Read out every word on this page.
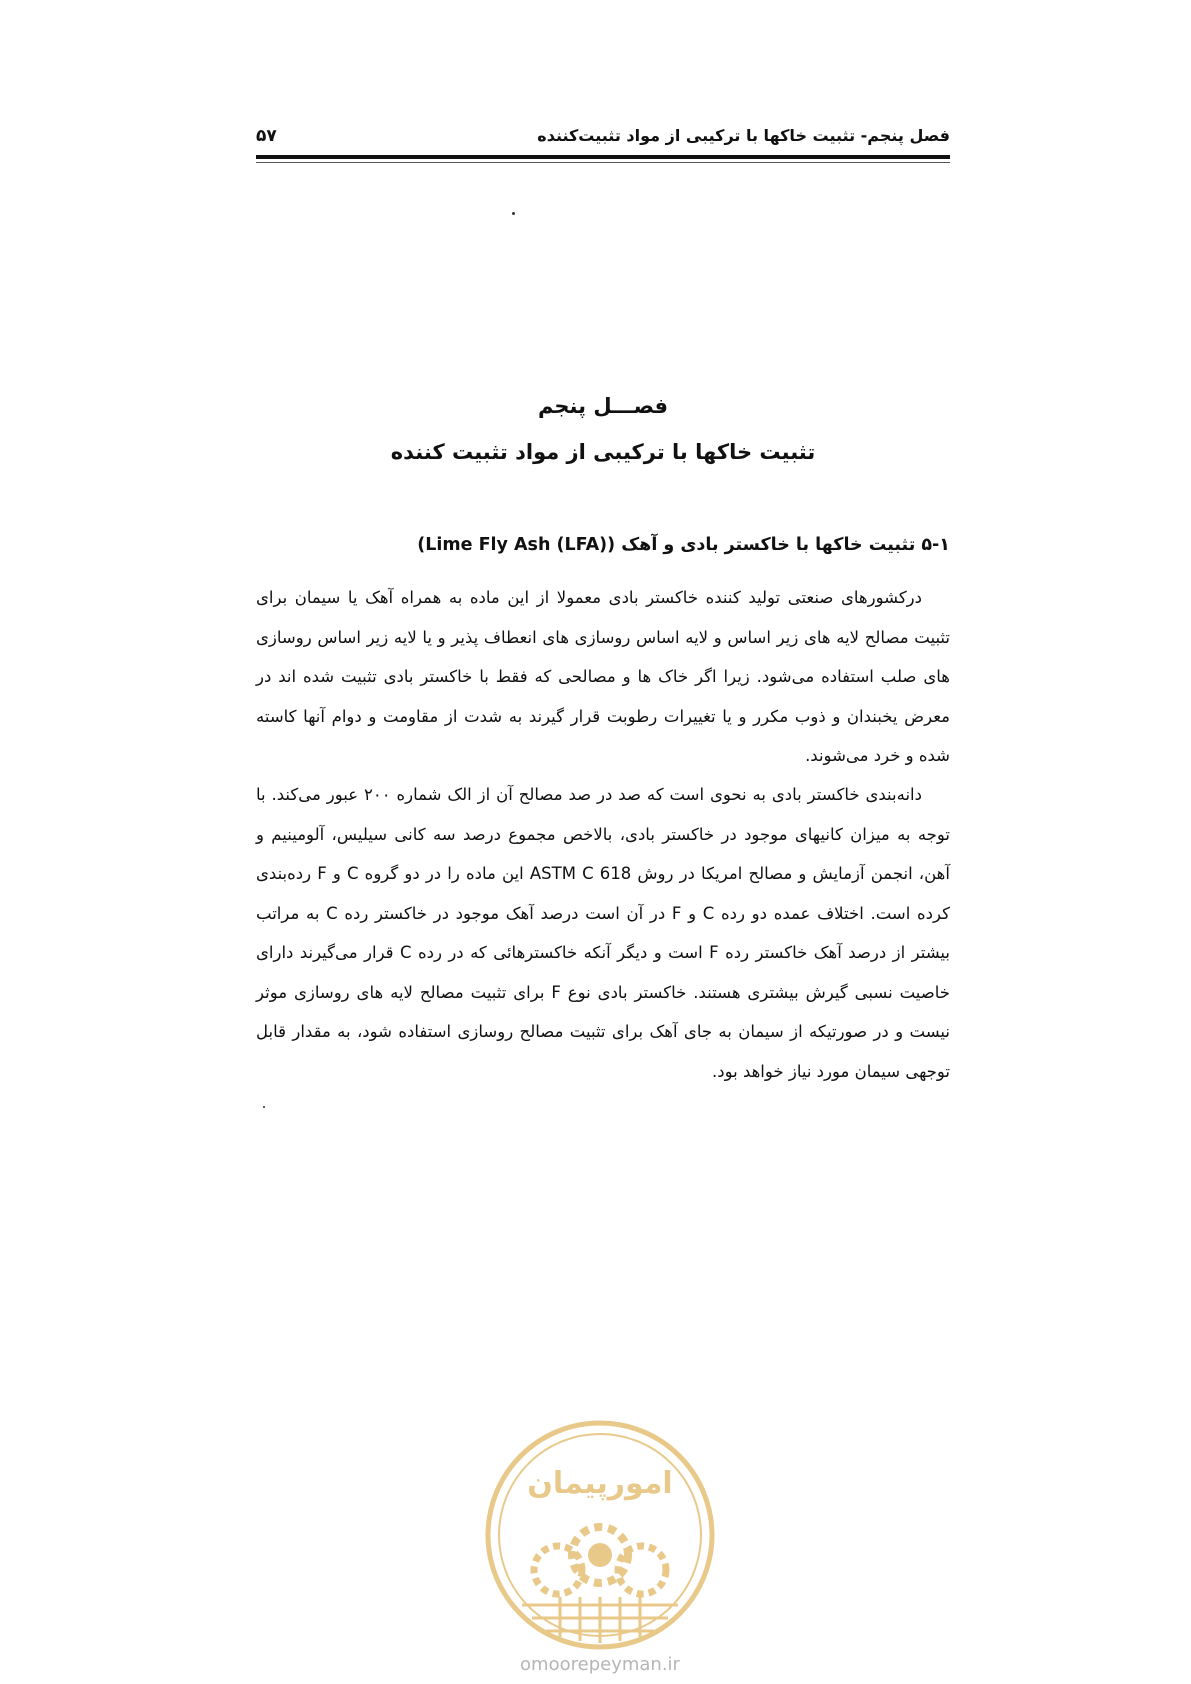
فصل پنجم- تثبیت خاکها با ترکیبی از مواد تثبیت‌کننده
۵۷
فصـــل پنجم
تثبیت خاکها با ترکیبی از مواد تثبیت کننده
۵-۱ تثبیت خاکها با خاکستر بادی و آهک (Lime Fly Ash (LFA))

درکشورهای صنعتی تولید کننده خاکستر بادی معمولا از این ماده به همراه آهک یا سیمان برای تثبیت مصالح لایه های زیر اساس و لایه اساس روسازی های انعطاف پذیر و یا لایه زیر اساس روسازی های صلب استفاده می‌شود. زیرا اگر خاک ها و مصالحی که فقط با خاکستر بادی تثبیت شده اند در معرض یخبندان و ذوب مکرر و یا تغییرات رطوبت قرار گیرند به شدت از مقاومت و دوام آنها کاسته شده و خرد می‌شوند.

دانه‌بندی خاکستر بادی به نحوی است که صد در صد مصالح آن از الک شماره ۲۰۰ عبور می‌کند. با توجه به میزان کانیهای موجود در خاکستر بادی، بالاخص مجموع درصد سه کانی سیلیس، آلومینیم و آهن، انجمن آزمایش و مصالح امریکا در روش ASTM C 618 این ماده را در دو گروه C و F رده‌بندی کرده است. اختلاف عمده دو رده C و F در آن است درصد آهک موجود در خاکستر رده C به مراتب بیشتر از درصد آهک خاکستر رده F است و دیگر آنکه خاکسترهائی که در رده C قرار می‌گیرند دارای خاصیت نسبی گیرش بیشتری هستند. خاکستر بادی نوع F برای تثبیت مصالح لایه های روسازی موثر نیست و در صورتیکه از سیمان به جای آهک برای تثبیت مصالح روسازی استفاده شود، به مقدار قابل توجهی سیمان مورد نیاز خواهد بود.

امورپیمان
omoorepeyman.ir
